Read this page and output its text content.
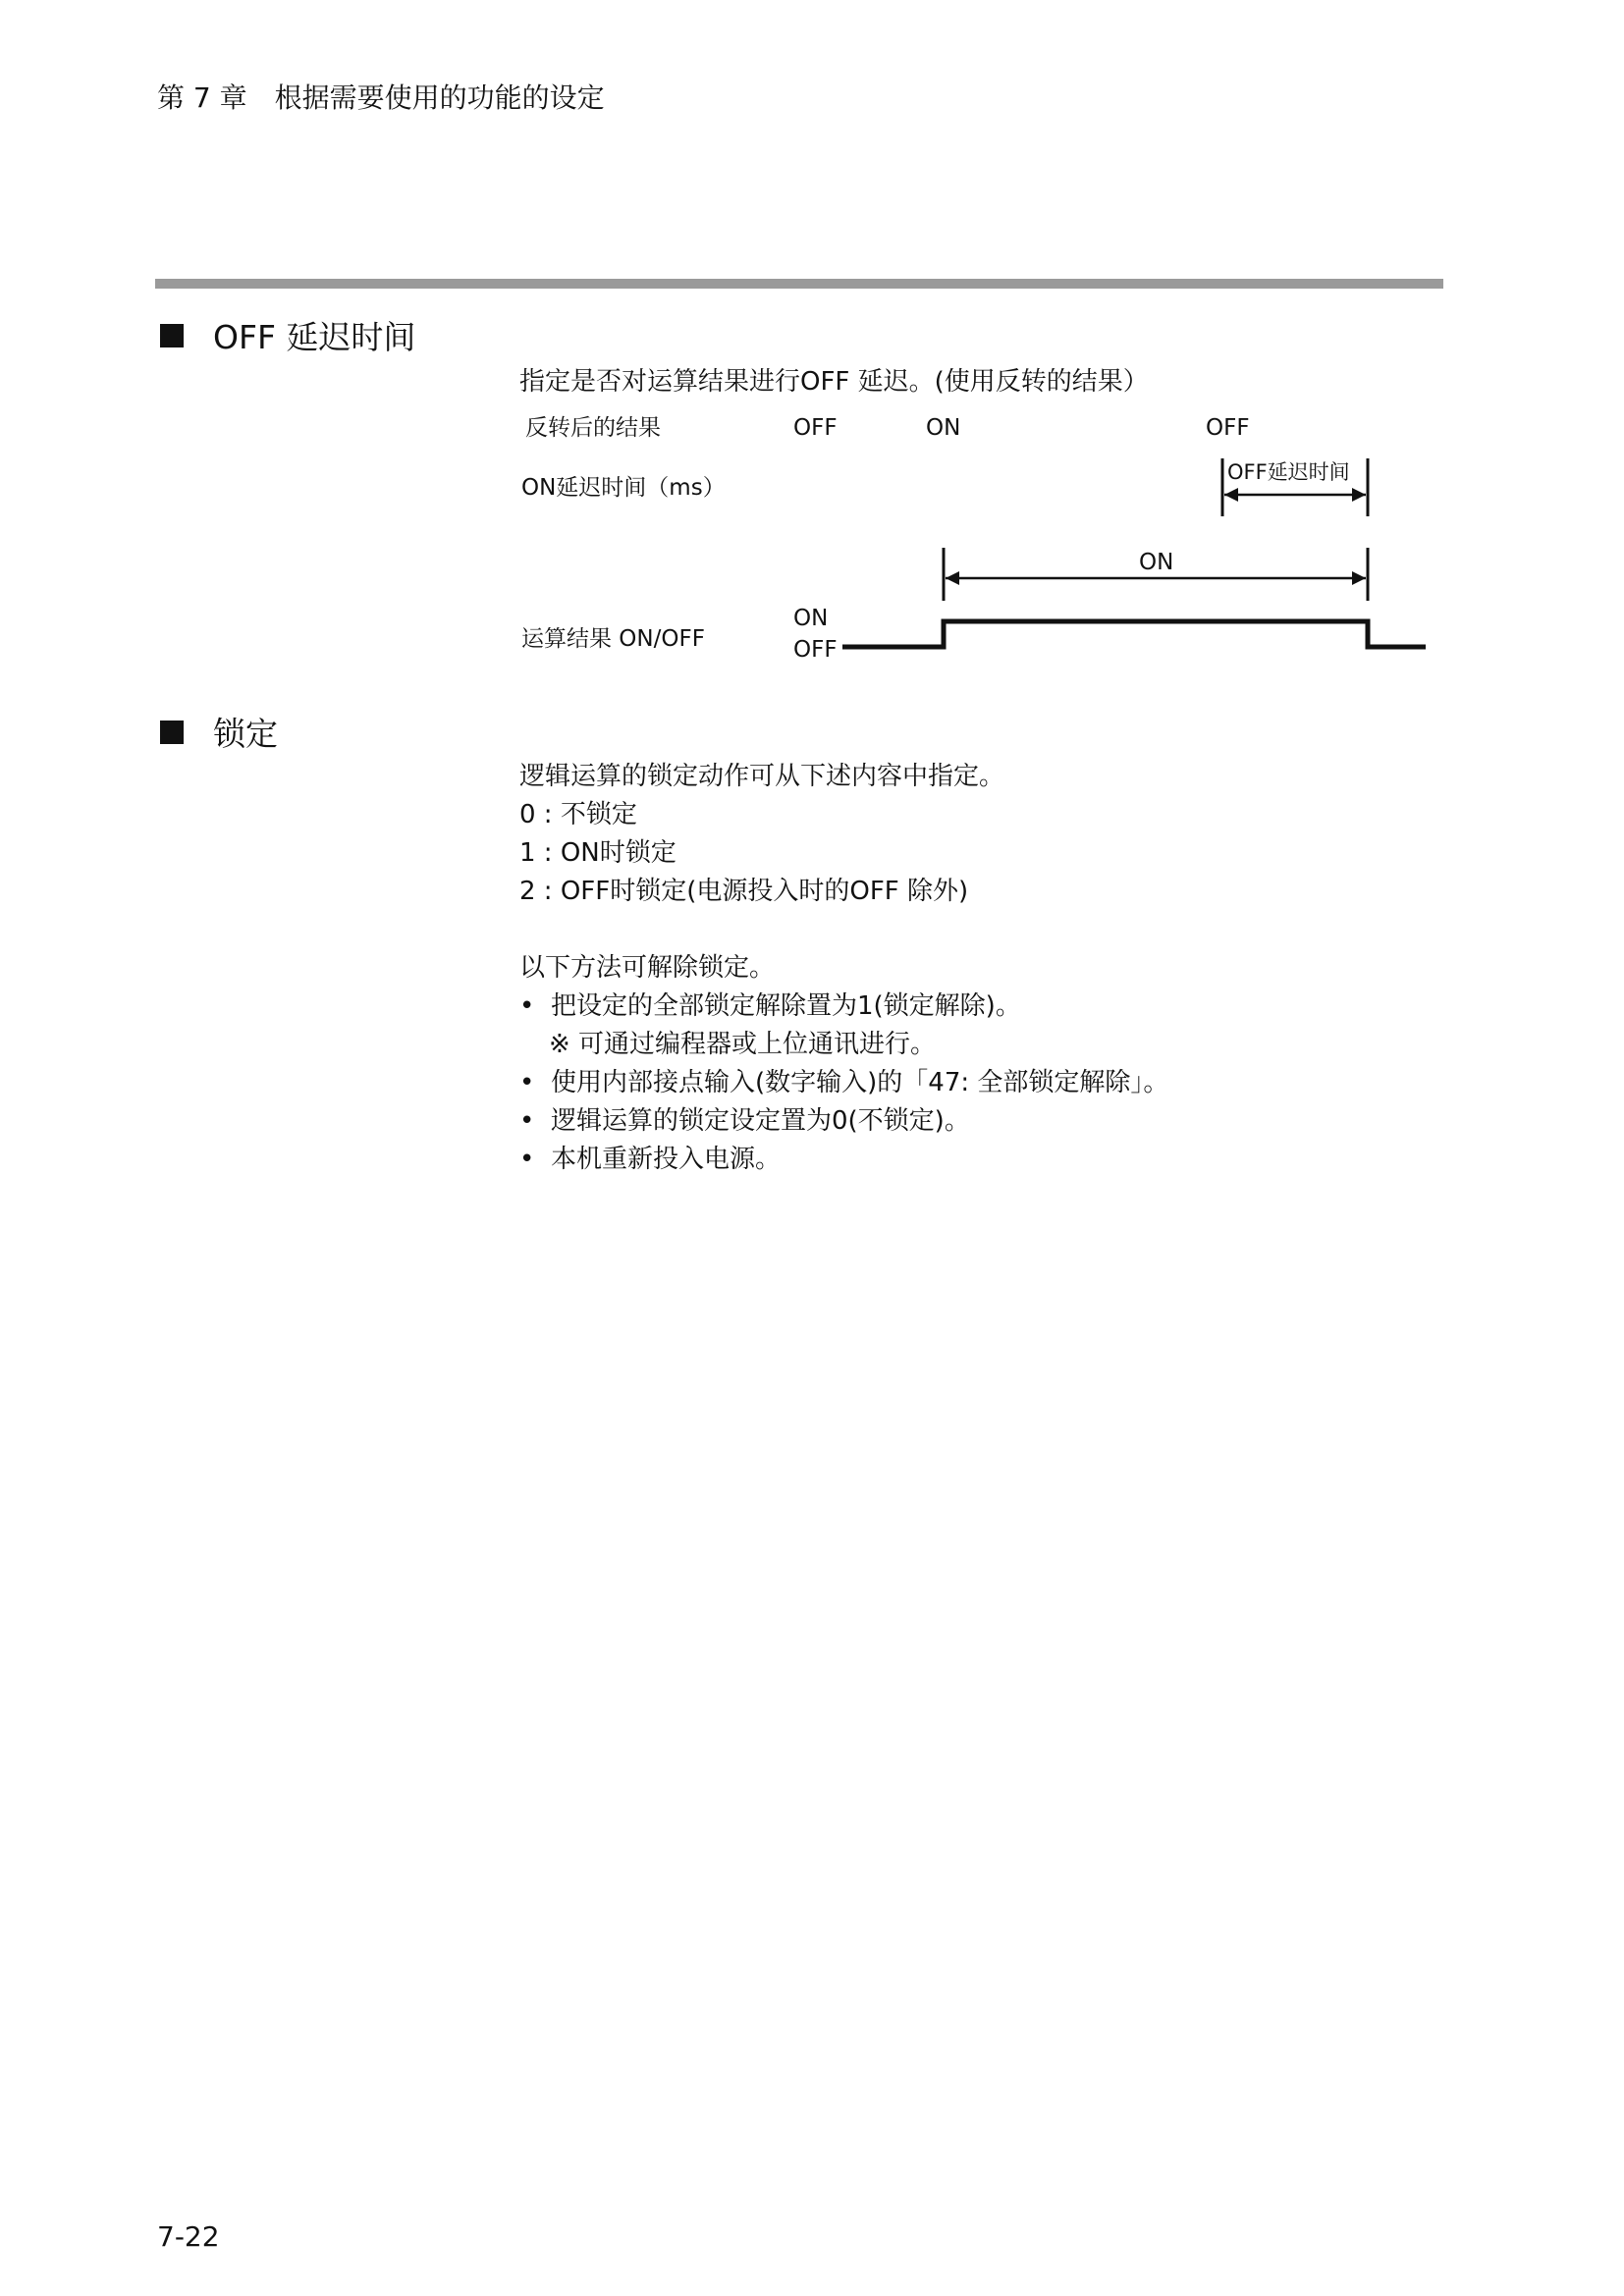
第 7 章　根据需要使用的功能的设定
OFF 延迟时间
指定是否对运算结果进行OFF 延迟。(使用反转的结果）
反转后的结果	OFF	ON	OFF
ON延迟时间（ms）
OFF延迟时间
ON
运算结果 ON/OFF
ON
OFF
锁定
逻辑运算的锁定动作可从下述内容中指定。
0 : 不锁定
1 : ON时锁定
2 : OFF时锁定(电源投入时的OFF 除外)
以下方法可解除锁定。
• 把设定的全部锁定解除置为1(锁定解除)。
※ 可通过编程器或上位通讯进行。
• 使用内部接点输入(数字输入)的「47: 全部锁定解除」。
• 逻辑运算的锁定设定置为0(不锁定)。
• 本机重新投入电源。
7-22
